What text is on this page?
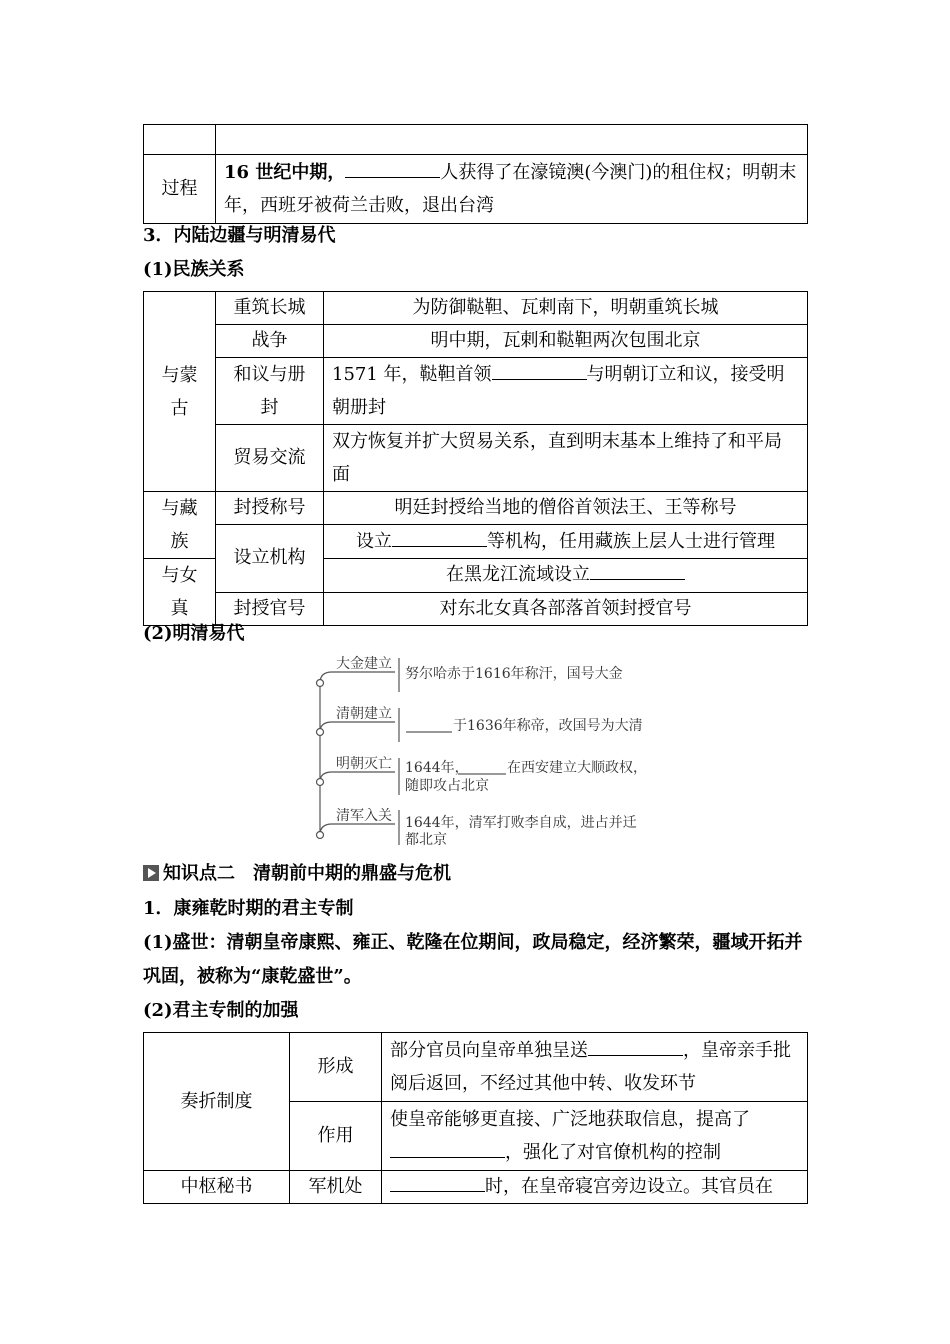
过程	16 世纪中期， 人获得了在濠镜澳(今澳门)的租住权；明朝末年，西班牙被荷兰击败，退出台湾
3．内陆边疆与明清易代
(1)民族关系
与蒙古	重筑长城	为防御鞑靼、瓦剌南下，明朝重筑长城
	战争	明中期，瓦剌和鞑靼两次包围北京
	和议与册封	1571 年，鞑靼首领 与明朝订立和议，接受明朝册封
	贸易交流	双方恢复并扩大贸易关系，直到明末基本上维持了和平局面
与藏族	封授称号	明廷封授给当地的僧俗首领法王、王等称号
	设立机构	设立 等机构，任用藏族上层人士进行管理
与女真		在黑龙江流域设立
	封授官号	对东北女真各部落首领封授官号
(2)明清易代
大金建立
清朝建立
明朝灭亡
清军入关
努尔哈赤于1616年称汗，国号大金
于1636年称帝，改国号为大清
1644年，	在西安建立大顺政权，
随即攻占北京
1644年，清军打败李自成，进占并迁
都北京
知识点二　清朝前中期的鼎盛与危机
1．康雍乾时期的君主专制
(1)盛世：清朝皇帝康熙、雍正、乾隆在位期间，政局稳定，经济繁荣，疆域开拓并巩固，被称为“康乾盛世”。
(2)君主专制的加强
奏折制度	形成	部分官员向皇帝单独呈送 ，皇帝亲手批阅后返回，不经过其他中转、收发环节
	作用	使皇帝能够更直接、广泛地获取信息，提高了，强化了对官僚机构的控制
中枢秘书	军机处	时，在皇帝寝宫旁边设立。其官员在
